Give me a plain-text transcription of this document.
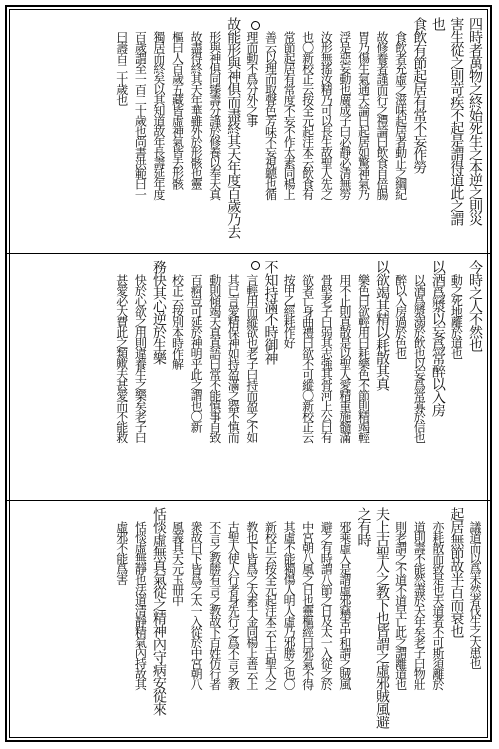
四時者萬物之終始死生之本逆之則災
害生從之則苛疾不起是謂得道此之謂
也
食飲有節起居有常不妄作勞
食飲者充虛之滋味起居者動止之綱紀
故修養者謹而行之禮論曰飲食自倍腸
胃乃傷生氣通天論曰起居如驚神氣乃
浮是惡妄動也廣成子曰必靜必清無勞
汝形無搖汝精乃可以長生故聖人先之
也〇新校正云按全元起注本云飲食有
常節起居有常度不妄不作太素同楊上
善云以理而取聲色芳味不妄視聽也循
理而動不爲分外之事
故能形與神俱而盡終其天年度百歲乃去
形與神俱同臻壽分謹於修養以奉天真
故盡得終其天年華雖外於形骸也靈
樞曰人百歲五藏皆虛神氣皆去形骸
獨居而終矣以其知道故年長壽延年度
百歲謂至一百二十歲也尚書洪範曰一
曰壽百二十歲也
今時之人不然也
動之死地離於道也
以酒爲漿以妄爲常醉以入房
以酒爲漿溺於飲也以妄爲常寡於信也
醉以入房過於色也
以欲竭其精以耗散其真
樂色曰欲輕用曰耗樂色不節則精竭輕
用不止則真散是以聖人愛精重施髓滿
骨堅老子曰弱其志強其骨河上公曰有
欲者亡身曲禮曰欲不可縱〇新校正云
按甲乙經耗作好
不知持滿不時御神
言輕用而縱欲也老子曰持而盈之不如
其已言愛精保神如持盈滿之器不慎而
動則傾竭天真真語曰常不能慎事自致
百痾豈可延於神明乎此之謂也〇新
校正云按別本時作解
務快其心逆於生樂
快於心欲之用則違養生之樂矣老子曰
甚愛必大費此之類歟夫甚愛而不能救
議道而以爲未然者伐生之大患也
起居無節故半百而衰也
亦耗散而致是也夫道者不可斯須離於
道則壽不能然盡於天年矣老子曰物壯
則老謂之不道不道早亡此之謂離道也
夫上古聖人之教下也皆謂之虛邪賊風避
之有時
邪乘虛入是謂虛邪竊害中和謂之賊風
避之有時謂八節之日及太一入從之於
中宮朝八風之日也靈樞經曰邪氣不得
其虛不能獨傷人明人虛乃邪勝之也〇
新校正云按全元起注本云上古聖人之
教也下皆爲之太素千金同楊上善云上
古聖人使人行者身先行之爲不言之教
不言之教勝有言之教故下百姓仿行者
衆故曰下皆爲之太一入從於中宮朝八
風義具天元玉冊中
恬惔虛無真氣從之精神內守病安從來
恬惔虛無靜也法道清靜精氣內持故其
虛邪不能爲害
